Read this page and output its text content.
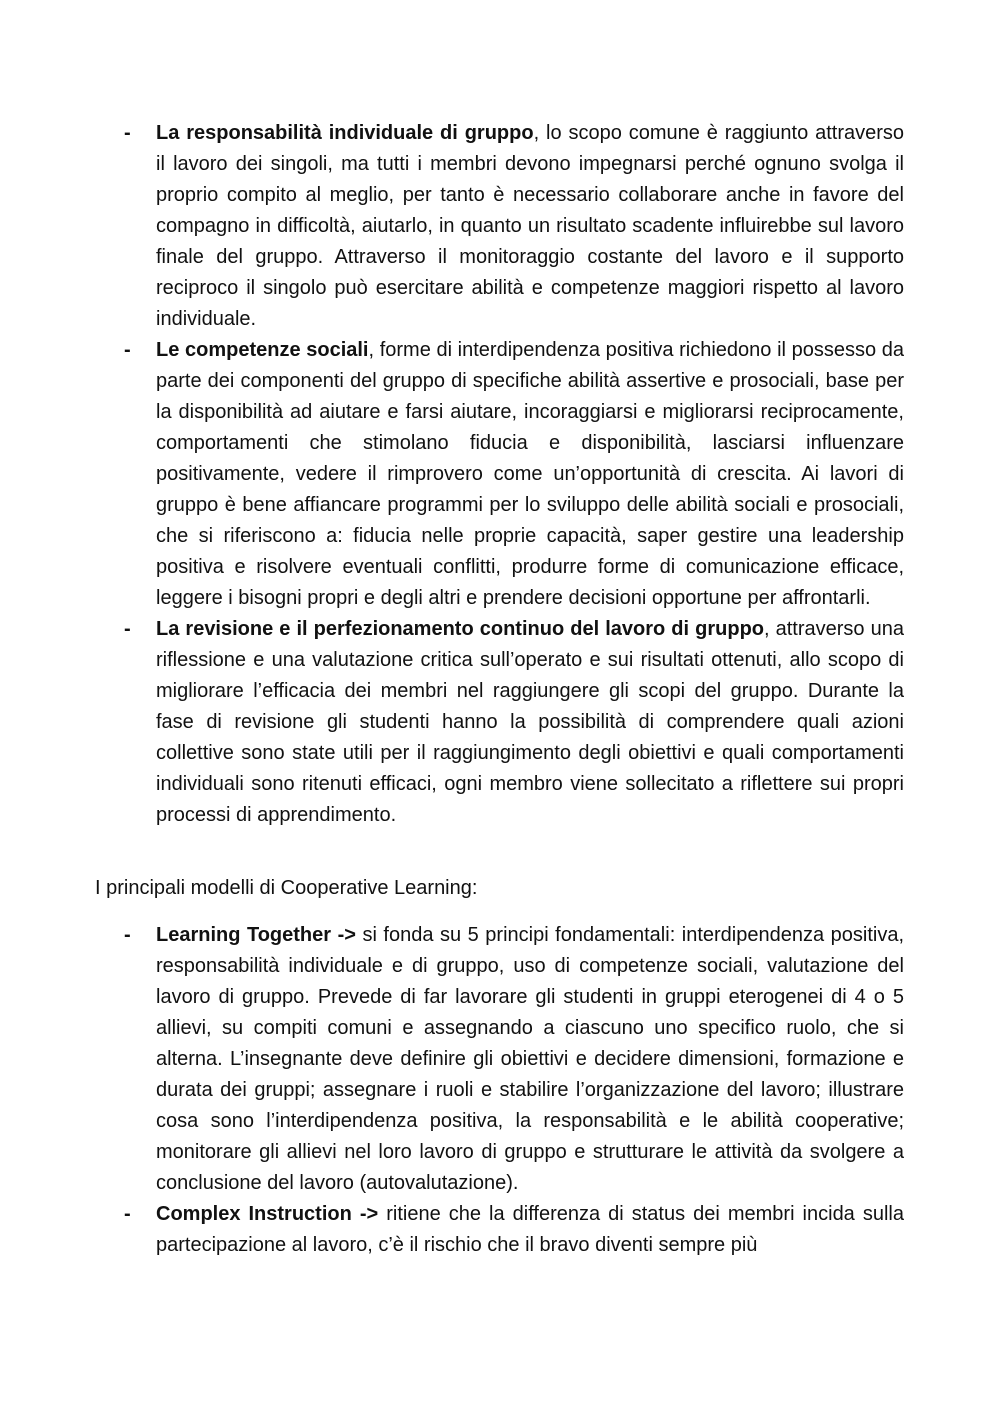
- La responsabilità individuale di gruppo, lo scopo comune è raggiunto attraverso il lavoro dei singoli, ma tutti i membri devono impegnarsi perché ognuno svolga il proprio compito al meglio, per tanto è necessario collaborare anche in favore del compagno in difficoltà, aiutarlo, in quanto un risultato scadente influirebbe sul lavoro finale del gruppo. Attraverso il monitoraggio costante del lavoro e il supporto reciproco il singolo può esercitare abilità e competenze maggiori rispetto al lavoro individuale.
- Le competenze sociali, forme di interdipendenza positiva richiedono il possesso da parte dei componenti del gruppo di specifiche abilità assertive e prosociali, base per la disponibilità ad aiutare e farsi aiutare, incoraggiarsi e migliorarsi reciprocamente, comportamenti che stimolano fiducia e disponibilità, lasciarsi influenzare positivamente, vedere il rimprovero come un’opportunità di crescita. Ai lavori di gruppo è bene affiancare programmi per lo sviluppo delle abilità sociali e prosociali, che si riferiscono a: fiducia nelle proprie capacità, saper gestire una leadership positiva e risolvere eventuali conflitti, produrre forme di comunicazione efficace, leggere i bisogni propri e degli altri e prendere decisioni opportune per affrontarli.
- La revisione e il perfezionamento continuo del lavoro di gruppo, attraverso una riflessione e una valutazione critica sull’operato e sui risultati ottenuti, allo scopo di migliorare l’efficacia dei membri nel raggiungere gli scopi del gruppo. Durante la fase di revisione gli studenti hanno la possibilità di comprendere quali azioni collettive sono state utili per il raggiungimento degli obiettivi e quali comportamenti individuali sono ritenuti efficaci, ogni membro viene sollecitato a riflettere sui propri processi di apprendimento.

I principali modelli di Cooperative Learning:

- Learning Together -> si fonda su 5 principi fondamentali: interdipendenza positiva, responsabilità individuale e di gruppo, uso di competenze sociali, valutazione del lavoro di gruppo. Prevede di far lavorare gli studenti in gruppi eterogenei di 4 o 5 allievi, su compiti comuni e assegnando a ciascuno uno specifico ruolo, che si alterna. L’insegnante deve definire gli obiettivi e decidere dimensioni, formazione e durata dei gruppi; assegnare i ruoli e stabilire l’organizzazione del lavoro; illustrare cosa sono l’interdipendenza positiva, la responsabilità e le abilità cooperative; monitorare gli allievi nel loro lavoro di gruppo e strutturare le attività da svolgere a conclusione del lavoro (autovalutazione).
- Complex Instruction -> ritiene che la differenza di status dei membri incida sulla partecipazione al lavoro, c’è il rischio che il bravo diventi sempre più
